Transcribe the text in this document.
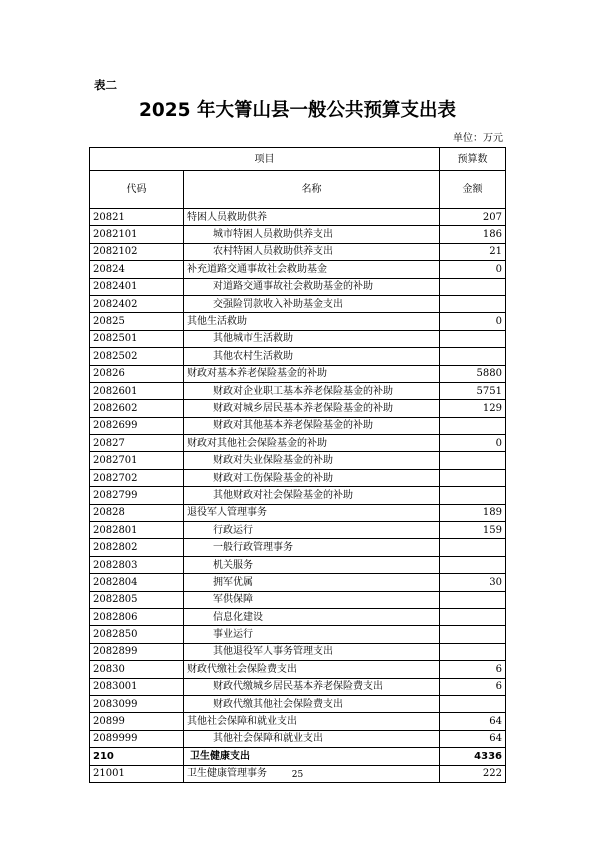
表二
2025 年大箐山县一般公共预算支出表
单位：万元
项目		预算数
代码	名称	金额
20821	特困人员救助供养	207
2082101	城市特困人员救助供养支出	186
2082102	农村特困人员救助供养支出	21
20824	补充道路交通事故社会救助基金	0
2082401	对道路交通事故社会救助基金的补助	
2082402	交强险罚款收入补助基金支出	
20825	其他生活救助	0
2082501	其他城市生活救助	
2082502	其他农村生活救助	
20826	财政对基本养老保险基金的补助	5880
2082601	财政对企业职工基本养老保险基金的补助	5751
2082602	财政对城乡居民基本养老保险基金的补助	129
2082699	财政对其他基本养老保险基金的补助	
20827	财政对其他社会保险基金的补助	0
2082701	财政对失业保险基金的补助	
2082702	财政对工伤保险基金的补助	
2082799	其他财政对社会保险基金的补助	
20828	退役军人管理事务	189
2082801	行政运行	159
2082802	一般行政管理事务	
2082803	机关服务	
2082804	拥军优属	30
2082805	军供保障	
2082806	信息化建设	
2082850	事业运行	
2082899	其他退役军人事务管理支出	
20830	财政代缴社会保险费支出	6
2083001	财政代缴城乡居民基本养老保险费支出	6
2083099	财政代缴其他社会保险费支出	
20899	其他社会保障和就业支出	64
2089999	其他社会保障和就业支出	64
210	卫生健康支出	4336
21001	卫生健康管理事务	222
25
